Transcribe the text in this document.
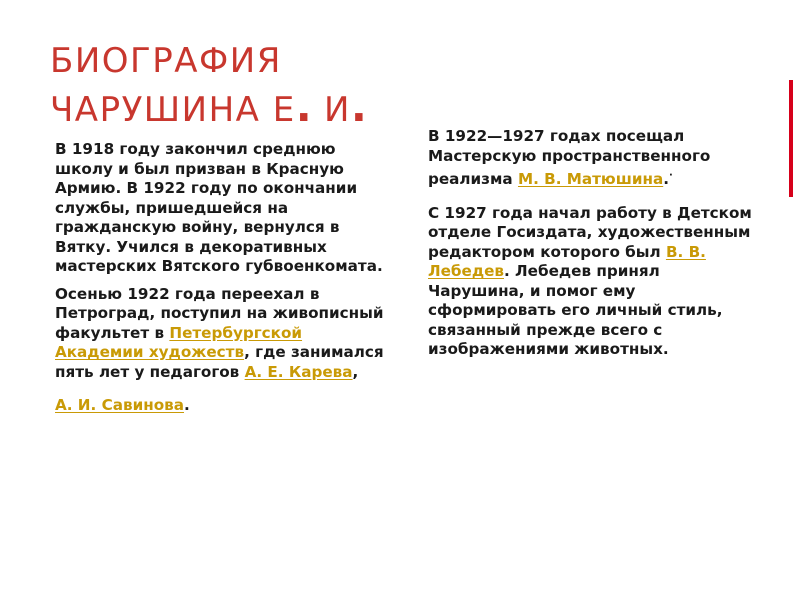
БИОГРАФИЯ
ЧАРУШИНА Е. И.

В 1918 году закончил среднюю школу и был призван в Красную Армию. В 1922 году по окончании службы, пришедшейся на гражданскую войну, вернулся в Вятку. Учился в декоративных мастерских Вятского губвоенкомата.

Осенью 1922 года переехал в Петроград, поступил на живописный факультет в Петербургской Академии художеств, где занимался пять лет у педагогов А. Е. Карева,

А. И. Савинова.

В 1922—1927 годах посещал Мастерскую пространственного реализма М. В. Матюшина.·

С 1927 года начал работу в Детском отделе Госиздата, художественным редактором которого был В. В. Лебедев. Лебедев принял Чарушина, и помог ему сформировать его личный стиль, связанный прежде всего с изображениями животных.
